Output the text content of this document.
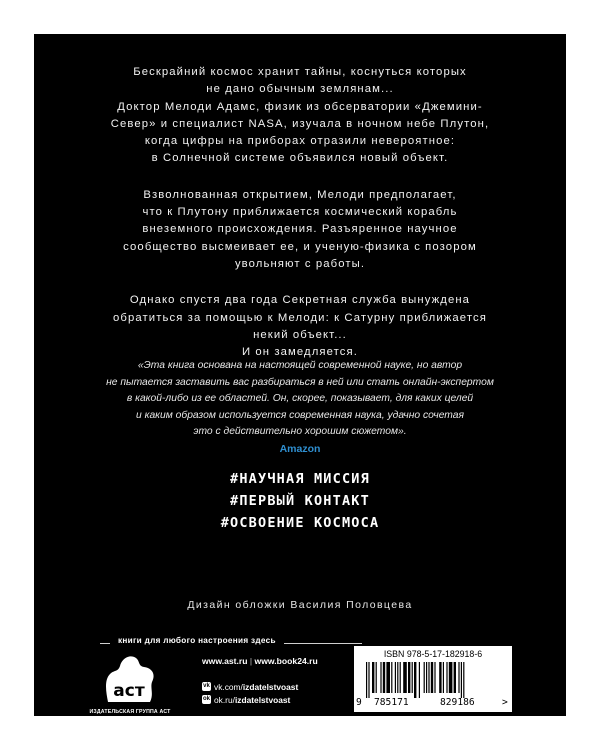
Бескрайний космос хранит тайны, коснуться которых
не дано обычным землянам...
Доктор Мелоди Адамс, физик из обсерватории «Джемини-
Север» и специалист NASA, изучала в ночном небе Плутон,
когда цифры на приборах отразили невероятное:
в Солнечной системе объявился новый объект.

Взволнованная открытием, Мелоди предполагает,
что к Плутону приближается космический корабль
внеземного происхождения. Разъяренное научное
сообщество высмеивает ее, и ученую-физика с позором
увольняют с работы.

Однако спустя два года Секретная служба вынуждена
обратиться за помощью к Мелоди: к Сатурну приближается
некий объект...
И он замедляется.

«Эта книга основана на настоящей современной науке, но автор
не пытается заставить вас разбираться в ней или стать онлайн-экспертом
в какой-либо из ее областей. Он, скорее, показывает, для каких целей
и каким образом используется современная наука, удачно сочетая
это с действительно хорошим сюжетом».
Amazon
#НАУЧНАЯ МИССИЯ
#ПЕРВЫЙ КОНТАКТ
#ОСВОЕНИЕ КОСМОСА
Дизайн обложки Василия Половцева
книги для любого настроения здесь
аст
ИЗДАТЕЛЬСКАЯ ГРУППА АСТ
www.ast.ru | www.book24.ru
vk vk.com/ izdatelstvoast
ok ok.ru/ izdatelstvoast
ISBN 978-5-17-182918-6
9 785171	829186	>
